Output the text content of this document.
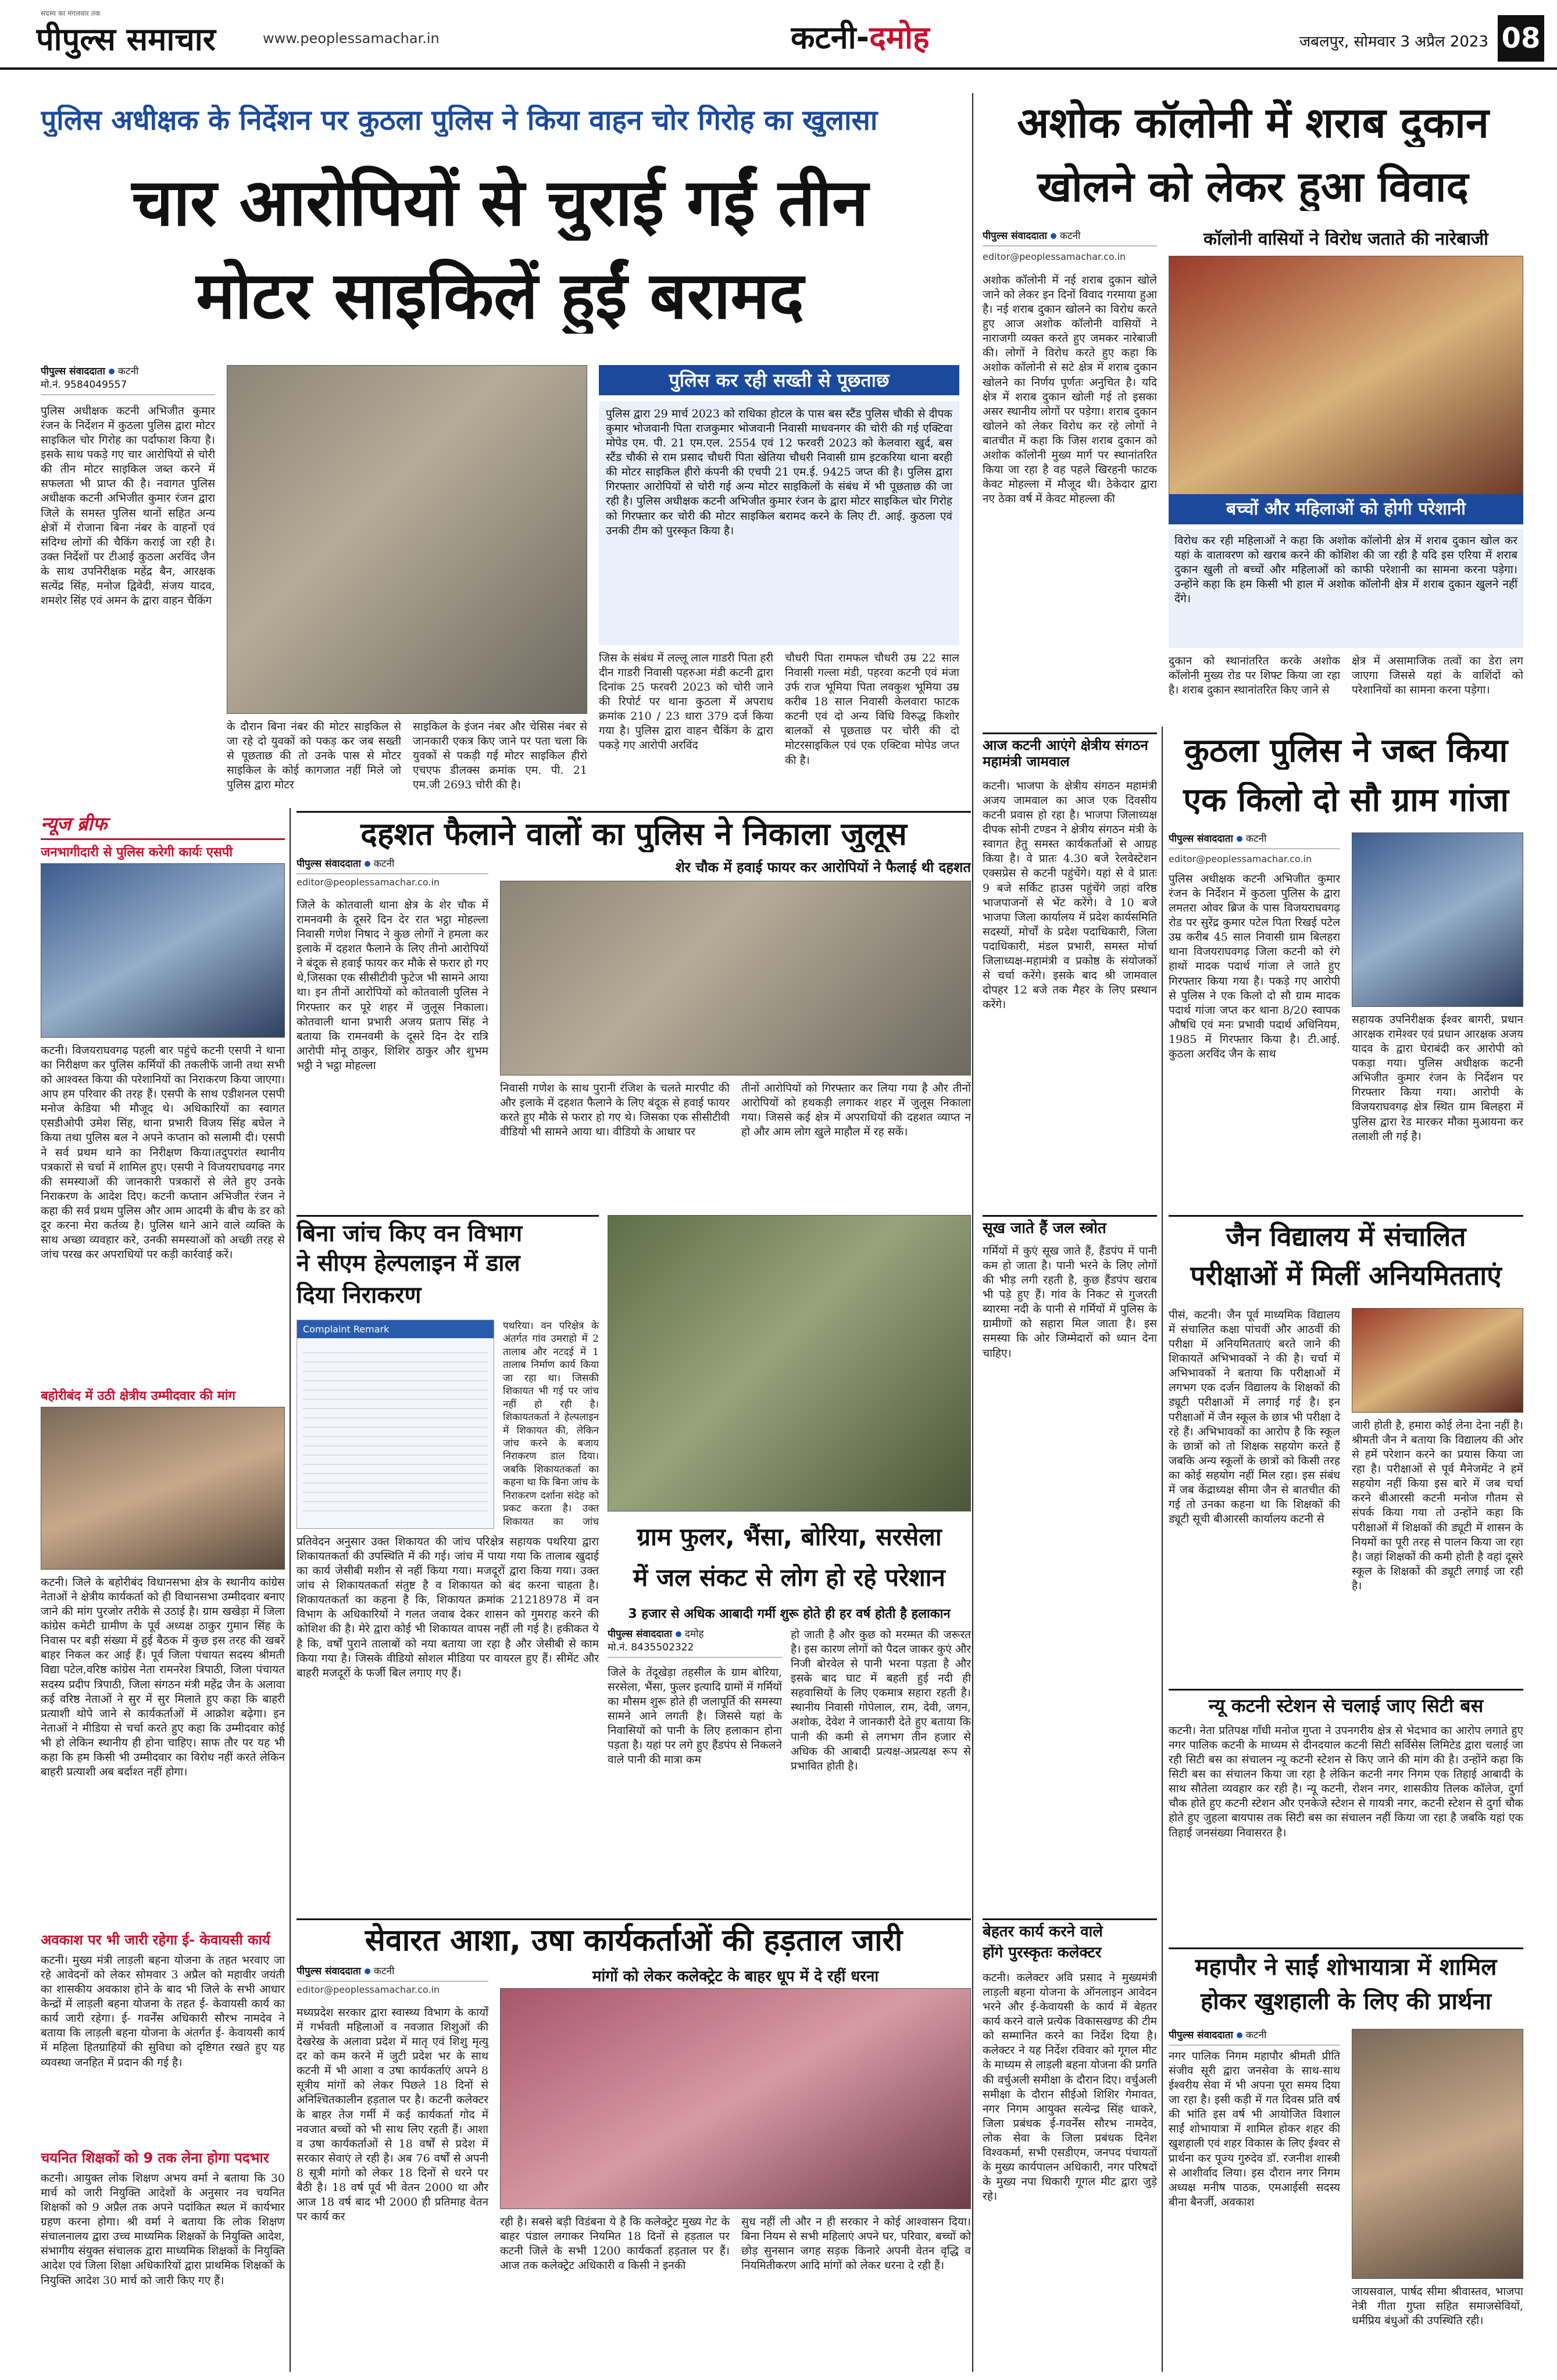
सदस्य का मंगलवार तक
पीपुल्स समाचार	www.peoplessamachar.in	कटनी-दमोह	जबलपुर, सोमवार 3 अप्रैल 2023 08
पुलिस अधीक्षक के निर्देशन पर कुठला पुलिस ने किया वाहन चोर गिरोह का खुलासा
चार आरोपियों से चुराई गईं तीन
मोटर साइकिलें हुईं बरामद
पीपुल्स संवाददाता कटनी
मो.नं. 9584049557
पुलिस अधीक्षक कटनी अभिजीत कुमार रंजन के निर्देशन में कुठला पुलिस द्वारा मोटर साइकिल चोर गिरोह का पर्दाफाश किया है। इसके साथ पकड़े गए चार आरोपियों से चोरी की तीन मोटर साइकिल जब्त करने में सफलता भी प्राप्त की है। नवागत पुलिस अधीक्षक कटनी अभिजीत कुमार रंजन द्वारा जिले के समस्त पुलिस थानों सहित अन्य क्षेत्रों में रोजाना बिना नंबर के वाहनों एवं संदिग्ध लोगों की चैकिंग कराई जा रही है। उक्त निर्देशों पर टीआई कुठला अरविंद जैन के साथ उपनिरीक्षक महेंद्र बैन, आरक्षक सत्येंद्र सिंह, मनोज द्विवेदी, संजय यादव, शमशेर सिंह एवं अमन के द्वारा वाहन चैकिंग
के दौरान बिना नंबर की मोटर साइकिल से जा रहे दो युवकों को पकड़ कर जब सख्ती से पूछताछ की तो उनके पास से मोटर साइकिल के कोई कागजात नहीं मिले जो पुलिस द्वारा मोटर
साइकिल के इंजन नंबर और चेसिस नंबर से जानकारी एकत्र किए जाने पर पता चला कि युवकों से पकड़ी गई मोटर साइकिल हीरो एचएफ डीलक्स क्रमांक एम. पी. 21 एम.जी 2693 चोरी की है।
पुलिस कर रही सख्ती से पूछताछ
पुलिस द्वारा 29 मार्च 2023 को राधिका होटल के पास बस स्टैंड पुलिस चौकी से दीपक कुमार भोजवानी पिता राजकुमार भोजवानी निवासी माधवनगर की चोरी की गई एक्टिवा मोपेड एम. पी. 21 एम.एल. 2554 एवं 12 फरवरी 2023 को केलवारा खुर्द, बस स्टैंड चौकी से राम प्रसाद चौधरी पिता खेतिया चौधरी निवासी ग्राम इटकरिया थाना बरही की मोटर साइकिल हीरो कंपनी की एचपी 21 एम.ई. 9425 जप्त की है। पुलिस द्वारा गिरफ्तार आरोपियों से चोरी गई अन्य मोटर साइकिलों के संबंध में भी पूछताछ की जा रही है। पुलिस अधीक्षक कटनी अभिजीत कुमार रंजन के द्वारा मोटर साइकिल चोर गिरोह को गिरफ्तार कर चोरी की मोटर साइकिल बरामद करने के लिए टी. आई. कुठला एवं उनकी टीम को पुरस्कृत किया है।
जिस के संबंध में लल्लू लाल गाडरी पिता हरी दीन गाडरी निवासी पहरुआ मंडी कटनी द्वारा दिनांक 25 फरवरी 2023 को चोरी जाने की रिपोर्ट पर थाना कुठला में अपराध क्रमांक 210 / 23 धारा 379 दर्ज किया गया है। पुलिस द्वारा वाहन चैकिंग के द्वारा पकड़े गए आरोपी अरविंद
चौधरी पिता रामफल चौधरी उम्र 22 साल निवासी गल्ला मंडी, पहरवा कटनी एवं मंजा उर्फ राज भूमिया पिता लवकुश भूमिया उम्र करीब 18 साल निवासी केलवारा फाटक कटनी एवं दो अन्य विधि विरुद्ध किशोर बालकों से पूछताछ पर चोरी की दो मोटरसाइकिल एवं एक एक्टिवा मोपेड जप्त की है।
अशोक कॉलोनी में शराब दुकान
खोलने को लेकर हुआ विवाद
पीपुल्स संवाददाता कटनी
editor@peoplessamachar.co.in
अशोक कॉलोनी में नई शराब दुकान खोले जाने को लेकर इन दिनों विवाद गरमाया हुआ है। नई शराब दुकान खोलने का विरोध करते हुए आज अशोक कॉलोनी वासियों ने नाराजगी व्यक्त करते हुए जमकर नारेबाजी की। लोगों ने विरोध करते हुए कहा कि अशोक कॉलोनी से सटे क्षेत्र में शराब दुकान खोलने का निर्णय पूर्णतः अनुचित है। यदि क्षेत्र में शराब दुकान खोली गई तो इसका असर स्थानीय लोगों पर पड़ेगा। शराब दुकान खोलने को लेकर विरोध कर रहे लोगों ने बातचीत में कहा कि जिस शराब दुकान को अशोक कॉलोनी मुख्य मार्ग पर स्थानांतरित किया जा रहा है वह पहले खिरहनी फाटक केवट मोहल्ला में मौजूद थी। ठेकेदार द्वारा नए ठेका वर्ष में केवट मोहल्ला की
कॉलोनी वासियों ने विरोध जताते की नारेबाजी
बच्चों और महिलाओं को होगी परेशानी
विरोध कर रही महिलाओं ने कहा कि अशोक कॉलोनी क्षेत्र में शराब दुकान खोल कर यहां के वातावरण को खराब करने की कोशिश की जा रही है यदि इस एरिया में शराब दुकान खुली तो बच्चों और महिलाओं को काफी परेशानी का सामना करना पड़ेगा। उन्होंने कहा कि हम किसी भी हाल में अशोक कॉलोनी क्षेत्र में शराब दुकान खुलने नहीं देंगे।
दुकान को स्थानांतरित करके अशोक कॉलोनी मुख्य रोड पर शिफ्ट किया जा रहा है। शराब दुकान स्थानांतरित किए जाने से
क्षेत्र में असामाजिक तत्वों का डेरा लग जाएगा जिससे यहां के वाशिंदों को परेशानियों का सामना करना पड़ेगा।
आज कटनी आएंगे क्षेत्रीय संगठन महामंत्री जामवाल
कटनी। भाजपा के क्षेत्रीय संगठन महामंत्री अजय जामवाल का आज एक दिवसीय कटनी प्रवास हो रहा है। भाजपा जिलाध्यक्ष दीपक सोनी टण्डन ने क्षेत्रीय संगठन मंत्री के स्वागत हेतु समस्त कार्यकर्ताओं से आग्रह किया है। वे प्रातः 4.30 बजे रेलवेस्टेशन एक्सप्रेस से कटनी पहुंचेंगे। यहां से वे प्रातः 9 बजे सर्किट हाउस पहुंचेंगे जहां वरिष्ठ भाजपाजनों से भेंट करेंगे। वे 10 बजे भाजपा जिला कार्यालय में प्रदेश कार्यसमिति सदस्यों, मोर्चों के प्रदेश पदाधिकारी, जिला पदाधिकारी, मंडल प्रभारी, समस्त मोर्चा जिलाध्यक्ष-महामंत्री व प्रकोष्ठ के संयोजकों से चर्चा करेंगे। इसके बाद श्री जामवाल दोपहर 12 बजे तक मैहर के लिए प्रस्थान करेंगे।
कुठला पुलिस ने जब्त किया
एक किलो दो सौ ग्राम गांजा
पीपुल्स संवाददाता कटनी
editor@peoplessamachar.co.in
पुलिस अधीक्षक कटनी अभिजीत कुमार रंजन के निर्देशन में कुठला पुलिस के द्वारा लमतरा ओवर ब्रिज के पास विजयराघवगढ़ रोड पर सुरेंद्र कुमार पटेल पिता रिखई पटेल उम्र करीब 45 साल निवासी ग्राम बिलहरा थाना विजयराघवगढ़ जिला कटनी को रंगे हाथों मादक पदार्थ गांजा ले जाते हुए गिरफ्तार किया गया है। पकड़े गए आरोपी से पुलिस ने एक किलो दो सौ ग्राम मादक पदार्थ गांजा जप्त कर थाना 8/20 स्वापक औषधि एवं मनः प्रभावी पदार्थ अधिनियम, 1985 में गिरफ्तार किया है। टी.आई. कुठला अरविंद जैन के साथ
सहायक उपनिरीक्षक ईश्वर बागरी, प्रधान आरक्षक रामेश्वर एवं प्रधान आरक्षक अजय यादव के द्वारा घेराबंदी कर आरोपी को पकड़ा गया। पुलिस अधीक्षक कटनी अभिजीत कुमार रंजन के निर्देशन पर गिरफ्तार किया गया। आरोपी के विजयराघवगढ़ क्षेत्र स्थित ग्राम बिलहरा में पुलिस द्वारा रेड मारकर मौका मुआयना कर तलाशी ली गई है।
जैन विद्यालय में संचालित
परीक्षाओं में मिलीं अनियमितताएं
पीसं, कटनी। जैन पूर्व माध्यमिक विद्यालय में संचालित कक्षा पांचवीं और आठवीं की परीक्षा में अनियमितताएं बरते जाने की शिकायतें अभिभावकों ने की है। चर्चा में अभिभावकों ने बताया कि परीक्षाओं में लगभग एक दर्जन विद्यालय के शिक्षकों की ड्यूटी परीक्षाओं में लगाई गई है। इन परीक्षाओं में जैन स्कूल के छात्र भी परीक्षा दे रहे हैं। अभिभावकों का आरोप है कि स्कूल के छात्रों को तो शिक्षक सहयोग करते हैं जबकि अन्य स्कूलों के छात्रों को किसी तरह का कोई सहयोग नहीं मिल रहा। इस संबंध में जब केंद्राध्यक्ष सीमा जैन से बातचीत की गई तो उनका कहना था कि शिक्षकों की ड्यूटी सूची बीआरसी कार्यालय कटनी से
जारी होती है, हमारा कोई लेना देना नहीं है। श्रीमती जैन ने बताया कि विद्यालय की ओर से हमें परेशान करने का प्रयास किया जा रहा है। परीक्षाओं से पूर्व मैनेजमेंट ने हमें सहयोग नहीं किया इस बारे में जब चर्चा करने बीआरसी कटनी मनोज गौतम से संपर्क किया गया तो उन्होंने कहा कि परीक्षाओं में शिक्षकों की ड्यूटी में शासन के नियमों का पूरी तरह से पालन किया जा रहा है। जहां शिक्षकों की कमी होती है वहां दूसरे स्कूल के शिक्षकों की ड्यूटी लगाई जा रही है।
न्यू कटनी स्टेशन से चलाई जाए सिटी बस
कटनी। नेता प्रतिपक्ष गाँधी मनोज गुप्ता ने उपनगरीय क्षेत्र से भेदभाव का आरोप लगाते हुए नगर पालिक कटनी के माध्यम से दीनदयाल कटनी सिटी सर्विसेस लिमिटेड द्वारा चलाई जा रही सिटी बस का संचालन न्यू कटनी स्टेशन से किए जाने की मांग की है। उन्होंने कहा कि सिटी बस का संचालन किया जा रहा है लेकिन कटनी नगर निगम एक तिहाई आबादी के साथ सौतेला व्यवहार कर रही है। न्यू कटनी, रोशन नगर, शासकीय तिलक कॉलेज, दुर्गा चौक होते हुए कटनी स्टेशन और एनकेजे स्टेशन से गायत्री नगर, कटनी स्टेशन से दुर्गा चौक होते हुए जुहला बायपास तक सिटी बस का संचालन नहीं किया जा रहा है जबकि यहां एक तिहाई जनसंख्या निवासरत है।
न्यूज ब्रीफ
जनभागीदारी से पुलिस करेगी कार्यः एसपी
कटनी। विजयराघवगढ़ पहली बार पहुंचे कटनी एसपी ने थाना का निरीक्षण कर पुलिस कर्मियों की तकलीफें जानी तथा सभी को आश्वस्त किया की परेशानियों का निराकरण किया जाएगा।आप हम परिवार की तरह हैं। एसपी के साथ एडीशनल एसपी मनोज केडिया भी मौजूद थे। अधिकारियों का स्वागत एसडीओपी उमेश सिंह, थाना प्रभारी विजय सिंह बघेल ने किया तथा पुलिस बल ने अपने कप्तान को सलामी दी। एसपी ने सर्व प्रथम थाने का निरीक्षण किया।तदुपरांत स्थानीय पत्रकारों से चर्चा में शामिल हुए। एसपी ने विजयराघवगढ़ नगर की समस्याओं की जानकारी पत्रकारों से लेते हुए उनके निराकरण के आदेश दिए। कटनी कप्तान अभिजीत रंजन ने कहा की सर्व प्रथम पुलिस और आम आदमी के बीच के डर को दूर करना मेरा कर्तव्य है। पुलिस थाने आने वाले व्यक्ति के साथ अच्छा व्यवहार करे, उनकी समस्याओं को अच्छी तरह से जांच परख कर अपराधियों पर कड़ी कार्रवाई करें।
बहोरीबंद में उठी क्षेत्रीय उम्मीदवार की मांग
कटनी। जिले के बहोरीबंद विधानसभा क्षेत्र के स्थानीय कांग्रेस नेताओं ने क्षेत्रीय कार्यकर्ता को ही विधानसभा उम्मीदवार बनाए जाने की मांग पुरजोर तरीके से उठाई है। ग्राम खखेड़ा में जिला कांग्रेस कमेटी ग्रामीण के पूर्व अध्यक्ष ठाकुर गुमान सिंह के निवास पर बड़ी संख्या में हुई बैठक में कुछ इस तरह की खबरें बाहर निकल कर आई हैं। पूर्व जिला पंचायत सदस्य श्रीमती विद्या पटेल,वरिष्ठ कांग्रेस नेता रामनरेश त्रिपाठी, जिला पंचायत सदस्य प्रदीप त्रिपाठी, जिला संगठन मंत्री महेंद्र जैन के अलावा कई वरिष्ठ नेताओं ने सुर में सुर मिलाते हुए कहा कि बाहरी प्रत्याशी थोपे जाने से कार्यकर्ताओं में आक्रोश बढ़ेगा। इन नेताओं ने मीडिया से चर्चा करते हुए कहा कि उम्मीदवार कोई भी हो लेकिन स्थानीय ही होना चाहिए। साफ तौर पर यह भी कहा कि हम किसी भी उम्मीदवार का विरोध नहीं करते लेकिन बाहरी प्रत्याशी अब बर्दाश्त नहीं होगा।
अवकाश पर भी जारी रहेगा ई- केवायसी कार्य
कटनी। मुख्य मंत्री लाड़ली बहना योजना के तहत भरवाए जा रहे आवेदनों को लेकर सोमवार 3 अप्रैल को महावीर जयंती का शासकीय अवकाश होने के बाद भी जिले के सभी आधार केन्द्रों में लाड़ली बहना योजना के तहत ई- केवायसी कार्य का कार्य जारी रहेगा। ई- गवर्नेंस अधिकारी सौरभ नामदेव ने बताया कि लाड़ली बहना योजना के अंतर्गत ई- केवायसी कार्य में महिला हितग्राहियों की सुविधा को दृष्टिगत रखते हुए यह व्यवस्था जनहित में प्रदान की गई है।
चयनित शिक्षकों को 9 तक लेना होगा पदभार
कटनी। आयुक्त लोक शिक्षण अभय वर्मा ने बताया कि 30 मार्च को जारी नियुक्ति आदेशों के अनुसार नव चयनित शिक्षकों को 9 अप्रैल तक अपने पदांकित स्थल में कार्यभार ग्रहण करना होगा। श्री वर्मा ने बताया कि लोक शिक्षण संचालनालय द्वारा उच्च माध्यमिक शिक्षकों के नियुक्ति आदेश, संभागीय संयुक्त संचालक द्वारा माध्यमिक शिक्षकों के नियुक्ति आदेश एवं जिला शिक्षा अधिकारियों द्वारा प्राथमिक शिक्षकों के नियुक्ति आदेश 30 मार्च को जारी किए गए हैं।
दहशत फैलाने वालों का पुलिस ने निकाला जुलूस
पीपुल्स संवाददाता कटनी
editor@peoplessamachar.co.in
शेर चौक में हवाई फायर कर आरोपियों ने फैलाई थी दहशत
जिले के कोतवाली थाना क्षेत्र के शेर चौक में रामनवमी के दूसरे दिन देर रात भट्ठा मोहल्ला निवासी गणेश निषाद ने कुछ लोगों ने हमला कर इलाके में दहशत फैलाने के लिए तीनो आरोपियों ने बंदूक से हवाई फायर कर मौके से फरार हो गए थे,जिसका एक सीसीटीवी फुटेज भी सामने आया था। इन तीनों आरोपियों को कोतवाली पुलिस ने गिरफ्तार कर पूरे शहर में जुलूस निकाला। कोतवाली थाना प्रभारी अजय प्रताप सिंह ने बताया कि रामनवमी के दूसरे दिन देर रात्रि आरोपी मोनू ठाकुर, शिशिर ठाकुर और शुभम भट्ठी ने भट्ठा मोहल्ला
निवासी गणेश के साथ पुरानी रंजिश के चलते मारपीट की और इलाके में दहशत फैलाने के लिए बंदूक से हवाई फायर करते हुए मौके से फरार हो गए थे। जिसका एक सीसीटीवी वीडियो भी सामने आया था। वीडियो के आधार पर
तीनों आरोपियों को गिरफ्तार कर लिया गया है और तीनों आरोपियों को हथकड़ी लगाकर शहर में जुलूस निकाला गया। जिससे कई क्षेत्र में अपराधियों की दहशत व्याप्त न हो और आम लोग खुले माहौल में रह सकें।
बिना जांच किए वन विभाग
ने सीएम हेल्पलाइन में डाल
दिया निराकरण
Complaint Remark	पथरिया। वन परिक्षेत्र के अंतर्गत गांव उमराहो में 2 तालाब और नटदई में 1 तालाब निर्माण कार्य किया जा रहा था। जिसकी शिकायत भी गई पर जांच नहीं हो रही है। शिकायतकर्ता ने हेल्पलाइन में शिकायत की, लेकिन जांच करने के बजाय निराकरण डाल दिया। जबकि शिकायतकर्ता का कहना था कि बिना जांच के निराकरण दर्शाना संदेह को प्रकट करता है। उक्त शिकायत का जांच
प्रतिवेदन अनुसार उक्त शिकायत की जांच परिक्षेत्र सहायक पथरिया द्वारा शिकायतकर्ता की उपस्थिति में की गई। जांच में पाया गया कि तालाब खुदाई का कार्य जेसीबी मशीन से नहीं किया गया। मजदूरों द्वारा किया गया। उक्त जांच से शिकायतकर्ता संतुष्ट है व शिकायत को बंद करना चाहता है। शिकायतकर्ता का कहना है कि, शिकायत क्रमांक 21218978 में वन विभाग के अधिकारियों ने गलत जवाब देकर शासन को गुमराह करने की कोशिश की है। मेरे द्वारा कोई भी शिकायत वापस नहीं ली गई है। हकीकत ये है कि, वर्षों पुराने तालाबों को नया बताया जा रहा है और जेसीबी से काम किया गया है। जिसके वीडियो सोशल मीडिया पर वायरल हुए हैं। सीमेंट और बाहरी मजदूरों के फर्जी बिल लगाए गए हैं।
ग्राम फुलर, भैंसा, बोरिया, सरसेला
में जल संकट से लोग हो रहे परेशान
3 हजार से अधिक आबादी गर्मी शुरू होते ही हर वर्ष होती है हलाकान
पीपुल्स संवाददाता दमोह
मो.नं. 8435502322
जिले के तेंदूखेड़ा तहसील के ग्राम बोरिया, सरसेला, भैंसा, फुलर इत्यादि ग्रामों में गर्मियों का मौसम शुरू होते ही जलापूर्ति की समस्या सामने आने लगती है। जिससे यहां के निवासियों को पानी के लिए हलाकान होना पड़ता है। यहां पर लगे हुए हैंडपंप से निकलने वाले पानी की मात्रा कम
हो जाती है और कुछ को मरम्मत की जरूरत है। इस कारण लोगों को पैदल जाकर कुएं और निजी बोरवेल से पानी भरना पड़ता है और इसके बाद घाट में बहती हुई नदी ही सहवासियों के लिए एकमात्र सहारा रहती है। स्थानीय निवासी गोपेलाल, राम, देवी, जगन, अशोक, देवेश ने जानकारी देते हुए बताया कि पानी की कमी से लगभग तीन हजार से अधिक की आबादी प्रत्यक्ष-अप्रत्यक्ष रूप से प्रभावित होती है।
सूख जाते हैं जल स्त्रोत
गर्मियों में कुएं सूख जाते हैं, हैंडपंप में पानी कम हो जाता है। पानी भरने के लिए लोगों की भीड़ लगी रहती है, कुछ हैंडपंप खराब भी पड़े हुए हैं। गांव के निकट से गुजरती ब्यारमा नदी के पानी से गर्मियों में पुलिस के ग्रामीणों को सहारा मिल जाता है। इस समस्या कि ओर जिम्मेदारों को ध्यान देना चाहिए।
बेहतर कार्य करने वाले
होंगे पुरस्कृतः कलेक्टर
कटनी। कलेक्टर अवि प्रसाद ने मुख्यमंत्री लाड़ली बहना योजना के ऑनलाइन आवेदन भरने और ई-केवायसी के कार्य में बेहतर कार्य करने वाले प्रत्येक विकासखण्ड की टीम को सम्मानित करने का निर्देश दिया है। कलेक्टर ने यह निर्देश रविवार को गूगल मीट के माध्यम से लाड़ली बहना योजना की प्रगति की वर्चुअली समीक्षा के दौरान दिए। वर्चुअली समीक्षा के दौरान सीईओ शिशिर गेमावत, नगर निगम आयुक्त सत्येन्द्र सिंह धाकरे, जिला प्रबंधक ई-गवर्नेंस सौरभ नामदेव, लोक सेवा के जिला प्रबंधक दिनेश विश्वकर्मा, सभी एसडीएम, जनपद पंचायतों के मुख्य कार्यपालन अधिकारी, नगर परिषदों के मुख्य नपा धिकारी गूगल मीट द्वारा जुड़े रहे।
सेवारत आशा, उषा कार्यकर्ताओं की हड़ताल जारी
पीपुल्स संवाददाता कटनी
editor@peoplessamachar.co.in
मांगों को लेकर कलेक्ट्रेट के बाहर धूप में दे रहीं धरना
मध्यप्रदेश सरकार द्वारा स्वास्थ्य विभाग के कार्यों में गर्भवती महिलाओं व नवजात शिशुओं की देखरेख के अलावा प्रदेश में मातृ एवं शिशु मृत्यु दर को कम करने में जुटी प्रदेश भर के साथ कटनी में भी आशा व उषा कार्यकर्ताएं अपने 8 सूत्रीय मांगों को लेकर पिछले 18 दिनों से अनिश्चितकालीन हड़ताल पर है। कटनी कलेक्टर के बाहर तेज गर्मी में कई कार्यकर्ता गोद में नवजात बच्चों को भी साथ लिए रहती हैं। आशा व उषा कार्यकर्ताओं से 18 वर्षों से प्रदेश में सरकार सेवाएं ले रही है। अब 76 वर्षों से अपनी 8 सूत्री मांगो को लेकर 18 दिनों से धरने पर बैठी है। 18 वर्ष पूर्व भी वेतन 2000 था और आज 18 वर्ष बाद भी 2000 ही प्रतिमाह वेतन पर कार्य कर	रही है। सबसे बड़ी विडंबना ये है कि कलेक्ट्रेट मुख्य गेट के बाहर पंडाल लगाकर नियमित 18 दिनों से हड़ताल पर कटनी जिले के सभी 1200 कार्यकर्ता हड़ताल पर हैं। आज तक कलेक्ट्रेट अधिकारी व किसी ने इनकी
सुध नहीं ली और न ही सरकार ने कोई आश्वासन दिया। बिना नियम से सभी महिलाएं अपने घर, परिवार, बच्चों को छोड़ सुनसान जगह सड़क किनारे अपनी वेतन वृद्धि व नियमितीकरण आदि मांगों को लेकर धरना दे रही हैं।
महापौर ने साईं शोभायात्रा में शामिल
होकर खुशहाली के लिए की प्रार्थना
पीपुल्स संवाददाता कटनी
नगर पालिक निगम महापौर श्रीमती प्रीति संजीव सूरी द्वारा जनसेवा के साथ-साथ ईश्वरीय सेवा में भी अपना पूरा समय दिया जा रहा है। इसी कड़ी में गत दिवस प्रति वर्ष की भांति इस वर्ष भी आयोजित विशाल साईं शोभायात्रा में शामिल होकर शहर की खुशहाली एवं शहर विकास के लिए ईश्वर से प्रार्थना कर पूज्य गुरुदेव डॉ. रजनीश शास्त्री से आशीर्वाद लिया। इस दौरान नगर निगम अध्यक्ष मनीष पाठक, एमआईसी सदस्य बीना बैनर्जी, अवकाश
जायसवाल, पार्षद सीमा श्रीवास्तव, भाजपा नेत्री गीता गुप्ता सहित समाजसेवियों, धर्मप्रिय बंधुओं की उपस्थिति रही।
